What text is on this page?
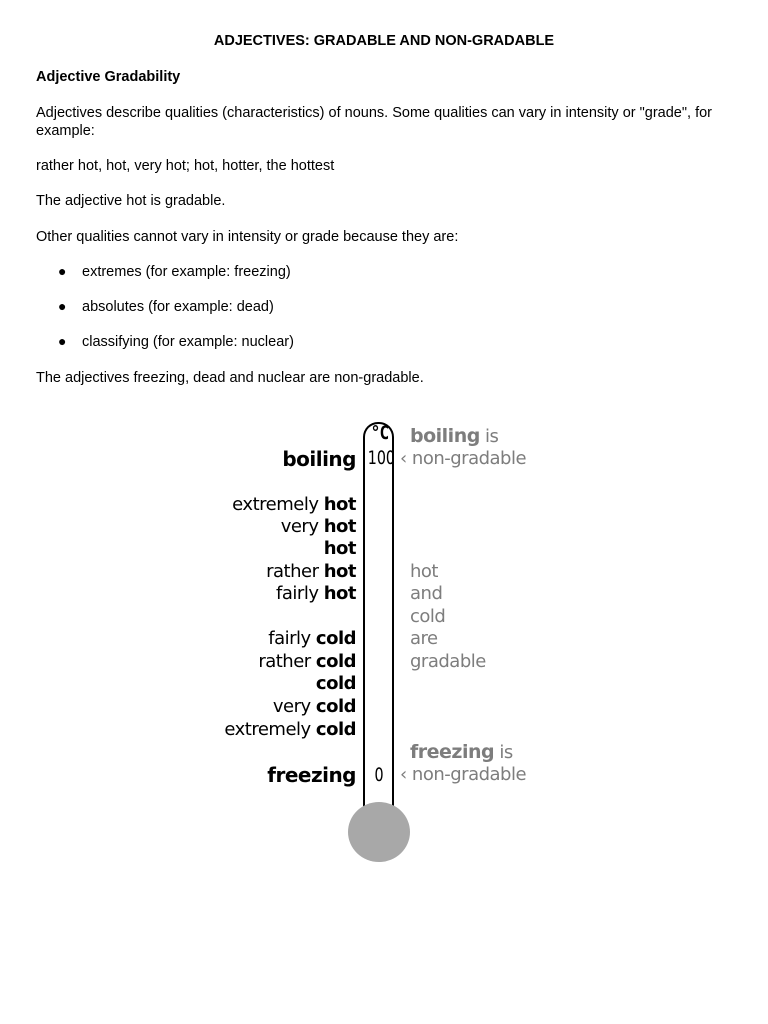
ADJECTIVES: GRADABLE AND NON-GRADABLE

Adjective Gradability

Adjectives describe qualities (characteristics) of nouns. Some qualities can vary in intensity or "grade", for example:

rather hot, hot, very hot; hot, hotter, the hottest

The adjective hot is gradable.

Other qualities cannot vary in intensity or grade because they are:

● extremes (for example: freezing)

● absolutes (for example: dead)

● classifying (for example: nuclear)

The adjectives freezing, dead and nuclear are non-gradable.

°C
100
0
boiling
extremely hot
very hot
hot
rather hot
fairly hot
fairly cold
rather cold
cold
very cold
extremely cold
freezing
boiling is
‹ non-gradable
hot
and
cold
are
gradable
freezing is
‹ non-gradable
